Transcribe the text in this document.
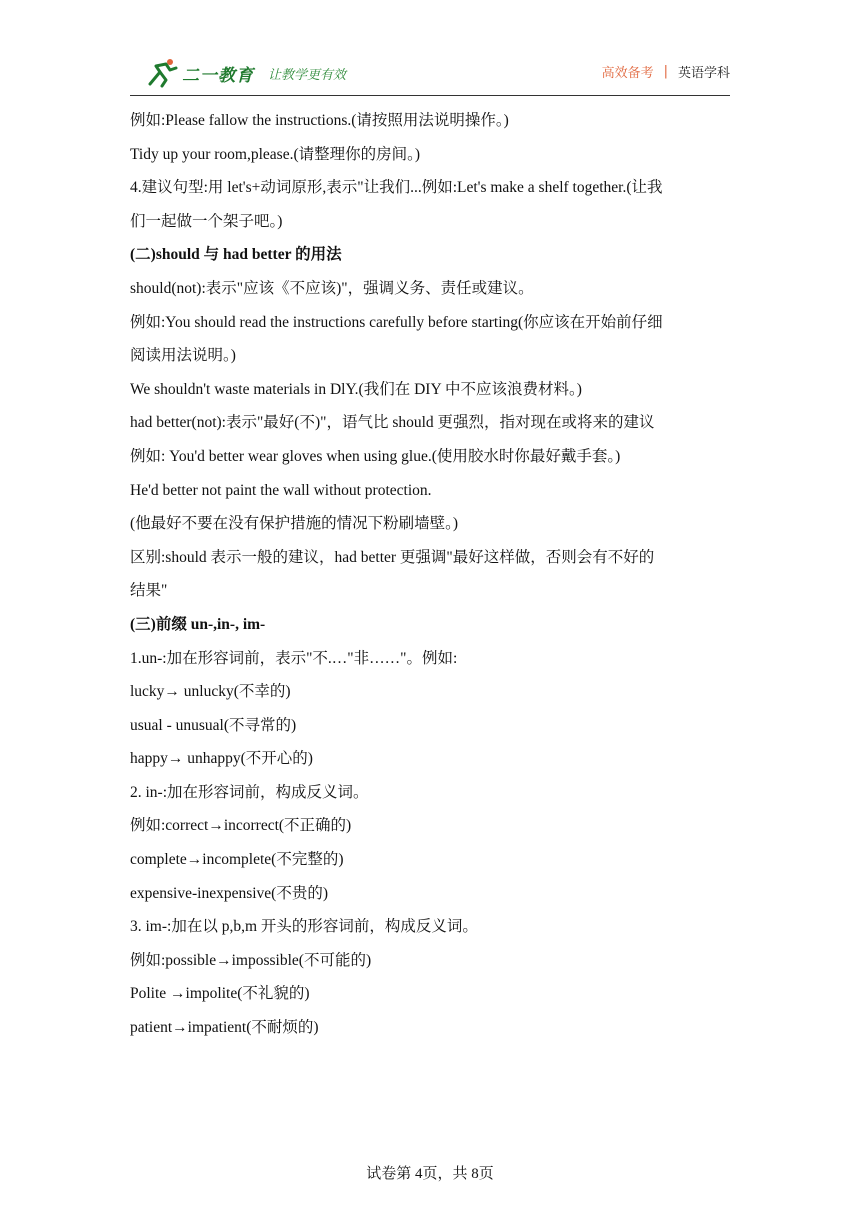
二一教育 让教学更有效	高效备考 | 英语学科
例如:Please fallow the instructions.(请按照用法说明操作。)
Tidy up your room,please.(请整理你的房间。)
4.建议句型:用 let's+动词原形,表示"让我们...例如:Let's make a shelf together.(让我
们一起做一个架子吧。)
(二)should 与 had better 的用法
should(not):表示"应该《不应该)"，强调义务、责任或建议。
例如:You should read the instructions carefully before starting(你应该在开始前仔细
阅读用法说明。)
We shouldn't waste materials in DlY.(我们在 DIY 中不应该浪费材料。)
had better(not):表示"最好(不)"，语气比 should 更强烈，指对现在或将来的建议
例如: You'd better wear gloves when using glue.(使用胶水时你最好戴手套。)
He'd better not paint the wall without protection.
(他最好不要在没有保护措施的情况下粉刷墙壁。)
区别:should 表示一般的建议，had better 更强调"最好这样做，否则会有不好的
结果"
(三)前缀 un-,in-, im-
1.un-:加在形容词前，表示"不.…"非……"。例如:
lucky→ unlucky(不幸的)
usual - unusual(不寻常的)
happy→ unhappy(不开心的)
2. in-:加在形容词前，构成反义词。
例如:correct→incorrect(不正确的)
complete→incomplete(不完整的)
expensive-inexpensive(不贵的)
3. im-:加在以 p,b,m 开头的形容词前，构成反义词。
例如:possible→impossible(不可能的)
Polite →impolite(不礼貌的)
patient→impatient(不耐烦的)
试卷第 4页，共 8页
